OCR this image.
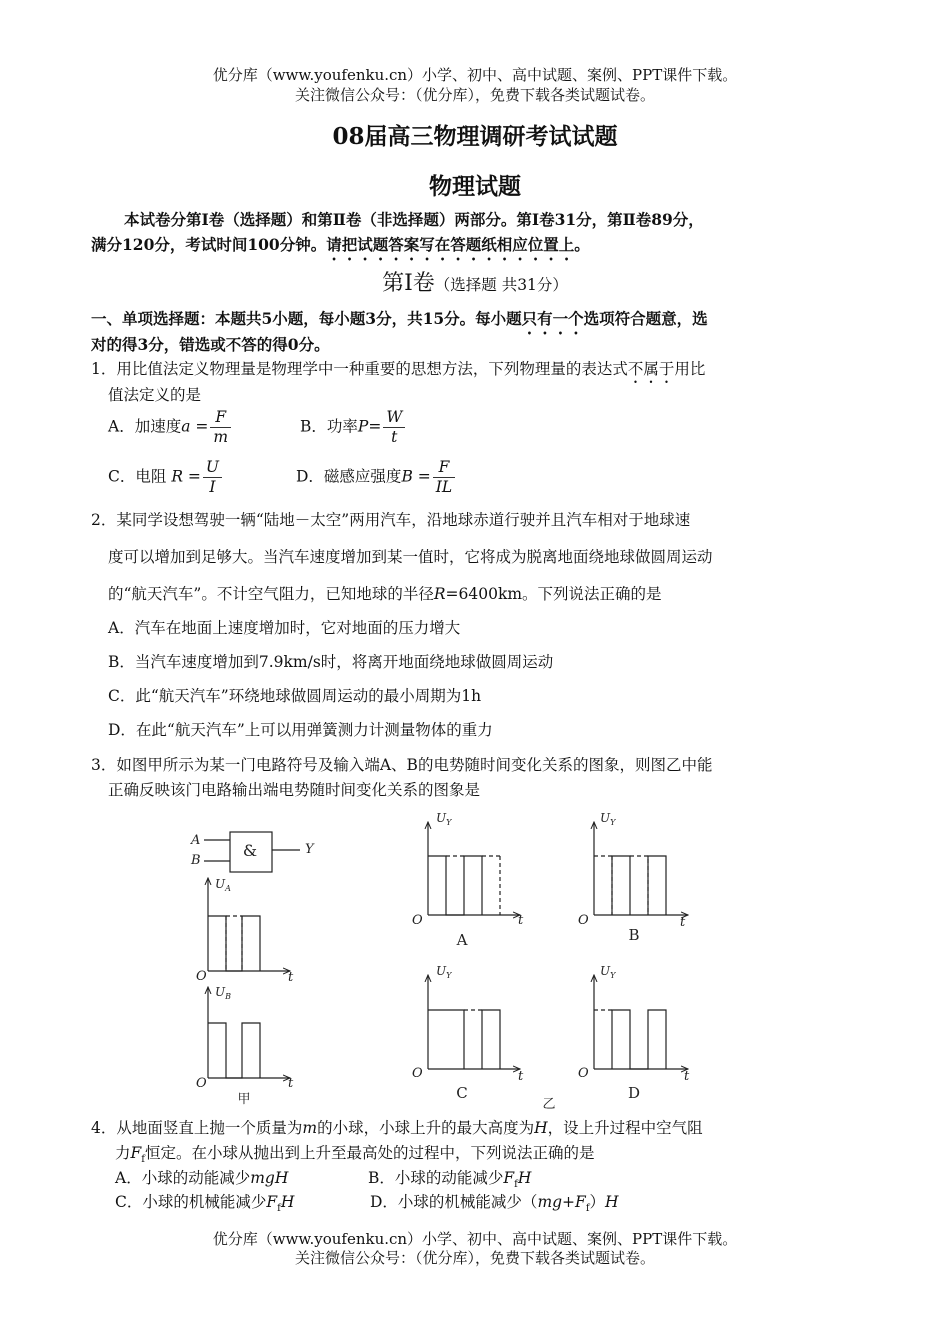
优分库（www.youfenku.cn）小学、初中、高中试题、案例、PPT课件下载。
关注微信公众号：（优分库），免费下载各类试题试卷。
08届高三物理调研考试试题
物理试题
本试卷分第Ⅰ卷（选择题）和第Ⅱ卷（非选择题）两部分。第Ⅰ卷31分，第Ⅱ卷89分，
满分120分，考试时间100分钟。请把试题答案写在答题纸相应位置上。
第Ⅰ卷（选择题 共31分）
一、单项选择题：本题共5小题，每小题3分，共15分。每小题只有一个选项符合题意，选
对的得3分，错选或不答的得0分。
1．用比值法定义物理量是物理学中一种重要的思想方法，下列物理量的表达式不属于用比
值法定义的是
A．加速度$a = \frac{F}{m}$	B．功率$P= \frac{W}{t}$
C．电阻 $R = \frac{U}{I}$	D．磁感应强度$B = \frac{F}{IL}$
2．某同学设想驾驶一辆“陆地－太空”两用汽车，沿地球赤道行驶并且汽车相对于地球速
度可以增加到足够大。当汽车速度增加到某一值时，它将成为脱离地面绕地球做圆周运动
的“航天汽车”。不计空气阻力，已知地球的半径R=6400km。下列说法正确的是
A．汽车在地面上速度增加时，它对地面的压力增大
B．当汽车速度增加到7.9km/s时，将离开地面绕地球做圆周运动
C．此“航天汽车”环绕地球做圆周运动的最小周期为1h
D．在此“航天汽车”上可以用弹簧测力计测量物体的重力
3．如图甲所示为某一门电路符号及输入端A、B的电势随时间变化关系的图象，则图乙中能
正确反映该门电路输出端电势随时间变化关系的图象是
&
A
B
Y
$U_A$
O	t
$U_B$
O	t
甲
$U_Y$
O	t
A
$U_Y$
O	t
B
$U_Y$
O	t
C
$U_Y$
O	t
D
乙
4．从地面竖直上抛一个质量为m的小球，小球上升的最大高度为H，设上升过程中空气阻
力$F_f$恒定。在小球从抛出到上升至最高处的过程中，下列说法正确的是
A．小球的动能减少mgH	B．小球的动能减少$F_fH$
C．小球的机械能减少$F_fH$	D．小球的机械能减少$(mg+F_f)H$
优分库（www.youfenku.cn）小学、初中、高中试题、案例、PPT课件下载。
关注微信公众号：（优分库），免费下载各类试题试卷。
